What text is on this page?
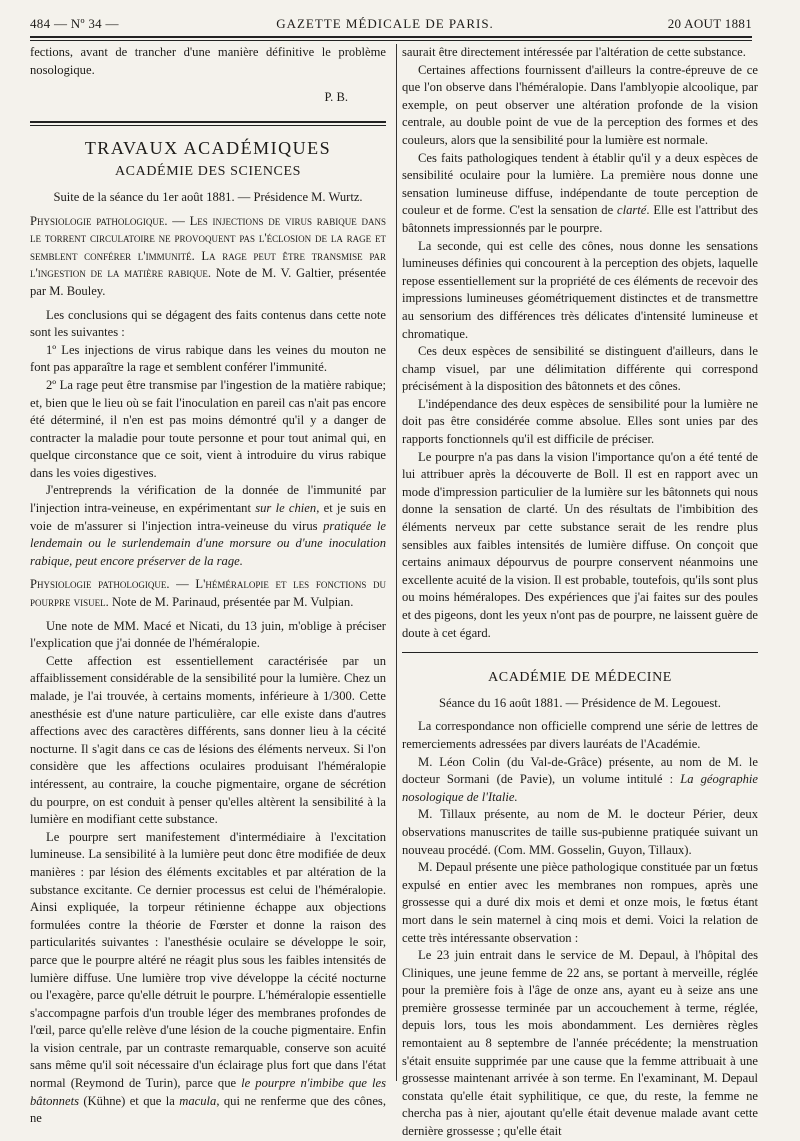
484 — Nº 34 —	GAZETTE MÉDICALE DE PARIS.	20 AOUT 1881

fections, avant de trancher d'une manière définitive le problème nosologique.

P. B.
TRAVAUX ACADÉMIQUES
ACADÉMIE DES SCIENCES
Suite de la séance du 1er août 1881. — Présidence M. Wurtz.

Physiologie pathologique. — Les injections de virus rabique dans le torrent circulatoire ne provoquent pas l'éclosion de la rage et semblent conférer l'immunité. La rage peut être transmise par l'ingestion de la matière rabique. Note de M. V. Galtier, présentée par M. Bouley.

Les conclusions qui se dégagent des faits contenus dans cette note sont les suivantes :

1º Les injections de virus rabique dans les veines du mouton ne font pas apparaître la rage et semblent conférer l'immunité.

2º La rage peut être transmise par l'ingestion de la matière rabique; et, bien que le lieu où se fait l'inoculation en pareil cas n'ait pas encore été déterminé, il n'en est pas moins démontré qu'il y a danger de contracter la maladie pour toute personne et pour tout animal qui, en quelque circonstance que ce soit, vient à introduire du virus rabique dans les voies digestives.

J'entreprends la vérification de la donnée de l'immunité par l'injection intra-veineuse, en expérimentant sur le chien, et je suis en voie de m'assurer si l'injection intra-veineuse du virus pratiquée le lendemain ou le surlendemain d'une morsure ou d'une inoculation rabique, peut encore préserver de la rage.

Physiologie pathologique. — L'héméralopie et les fonctions du pourpre visuel. Note de M. Parinaud, présentée par M. Vulpian.

Une note de MM. Macé et Nicati, du 13 juin, m'oblige à préciser l'explication que j'ai donnée de l'héméralopie.

Cette affection est essentiellement caractérisée par un affaiblissement considérable de la sensibilité pour la lumière. Chez un malade, je l'ai trouvée, à certains moments, inférieure à 1/300. Cette anesthésie est d'une nature particulière, car elle existe dans d'autres affections avec des caractères différents, sans donner lieu à la cécité nocturne. Il s'agit dans ce cas de lésions des éléments nerveux. Si l'on considère que les affections oculaires produisant l'héméralopie intéressent, au contraire, la couche pigmentaire, organe de sécrétion du pourpre, on est conduit à penser qu'elles altèrent la sensibilité à la lumière en modifiant cette substance.

Le pourpre sert manifestement d'intermédiaire à l'excitation lumineuse. La sensibilité à la lumière peut donc être modifiée de deux manières : par lésion des éléments excitables et par altération de la substance excitante. Ce dernier processus est celui de l'héméralopie. Ainsi expliquée, la torpeur rétinienne échappe aux objections formulées contre la théorie de Fœrster et donne la raison des particularités suivantes : l'anesthésie oculaire se développe le soir, parce que le pourpre altéré ne réagit plus sous les faibles intensités de lumière diffuse. Une lumière trop vive développe la cécité nocturne ou l'exagère, parce qu'elle détruit le pourpre. L'héméralopie essentielle s'accompagne parfois d'un trouble léger des membranes profondes de l'œil, parce qu'elle relève d'une lésion de la couche pigmentaire. Enfin la vision centrale, par un contraste remarquable, conserve son acuité sans même qu'il soit nécessaire d'un éclairage plus fort que dans l'état normal (Reymond de Turin), parce que le pourpre n'imbibe que les bâtonnets (Kühne) et que la macula, qui ne renferme que des cônes, ne

saurait être directement intéressée par l'altération de cette substance.

Certaines affections fournissent d'ailleurs la contre-épreuve de ce que l'on observe dans l'héméralopie. Dans l'amblyopie alcoolique, par exemple, on peut observer une altération profonde de la vision centrale, au double point de vue de la perception des formes et des couleurs, alors que la sensibilité pour la lumière est normale.

Ces faits pathologiques tendent à établir qu'il y a deux espèces de sensibilité oculaire pour la lumière. La première nous donne une sensation lumineuse diffuse, indépendante de toute perception de couleur et de forme. C'est la sensation de clarté. Elle est l'attribut des bâtonnets impressionnés par le pourpre.

La seconde, qui est celle des cônes, nous donne les sensations lumineuses définies qui concourent à la perception des objets, laquelle repose essentiellement sur la propriété de ces éléments de recevoir des impressions lumineuses géométriquement distinctes et de transmettre au sensorium des différences très délicates d'intensité lumineuse et chromatique.

Ces deux espèces de sensibilité se distinguent d'ailleurs, dans le champ visuel, par une délimitation différente qui correspond précisément à la disposition des bâtonnets et des cônes.

L'indépendance des deux espèces de sensibilité pour la lumière ne doit pas être considérée comme absolue. Elles sont unies par des rapports fonctionnels qu'il est difficile de préciser.

Le pourpre n'a pas dans la vision l'importance qu'on a été tenté de lui attribuer après la découverte de Boll. Il est en rapport avec un mode d'impression particulier de la lumière sur les bâtonnets qui nous donne la sensation de clarté. Un des résultats de l'imbibition des éléments nerveux par cette substance serait de les rendre plus sensibles aux faibles intensités de lumière diffuse. On conçoit que certains animaux dépourvus de pourpre conservent néanmoins une excellente acuité de la vision. Il est probable, toutefois, qu'ils sont plus ou moins héméralopes. Des expériences que j'ai faites sur des poules et des pigeons, dont les yeux n'ont pas de pourpre, ne laissent guère de doute à cet égard.

ACADÉMIE DE MÉDECINE
Séance du 16 août 1881. — Présidence de M. Legouest.

La correspondance non officielle comprend une série de lettres de remerciements adressées par divers lauréats de l'Académie.

M. Léon Colin (du Val-de-Grâce) présente, au nom de M. le docteur Sormani (de Pavie), un volume intitulé : La géographie nosologique de l'Italie.

M. Tillaux présente, au nom de M. le docteur Périer, deux observations manuscrites de taille sus-pubienne pratiquée suivant un nouveau procédé. (Com. MM. Gosselin, Guyon, Tillaux).

M. Depaul présente une pièce pathologique constituée par un fœtus expulsé en entier avec les membranes non rompues, après une grossesse qui a duré dix mois et demi et onze mois, le fœtus étant mort dans le sein maternel à cinq mois et demi. Voici la relation de cette très intéressante observation :

Le 23 juin entrait dans le service de M. Depaul, à l'hôpital des Cliniques, une jeune femme de 22 ans, se portant à merveille, réglée pour la première fois à l'âge de onze ans, ayant eu à seize ans une première grossesse terminée par un accouchement à terme, réglée, depuis lors, tous les mois abondamment. Les dernières règles remontaient au 8 septembre de l'année précédente; la menstruation s'était ensuite supprimée par une cause que la femme attribuait à une grossesse maintenant arrivée à son terme. En l'examinant, M. Depaul constata qu'elle était syphilitique, ce que, du reste, la femme ne chercha pas à nier, ajoutant qu'elle était devenue malade avant cette dernière grossesse ; qu'elle était
